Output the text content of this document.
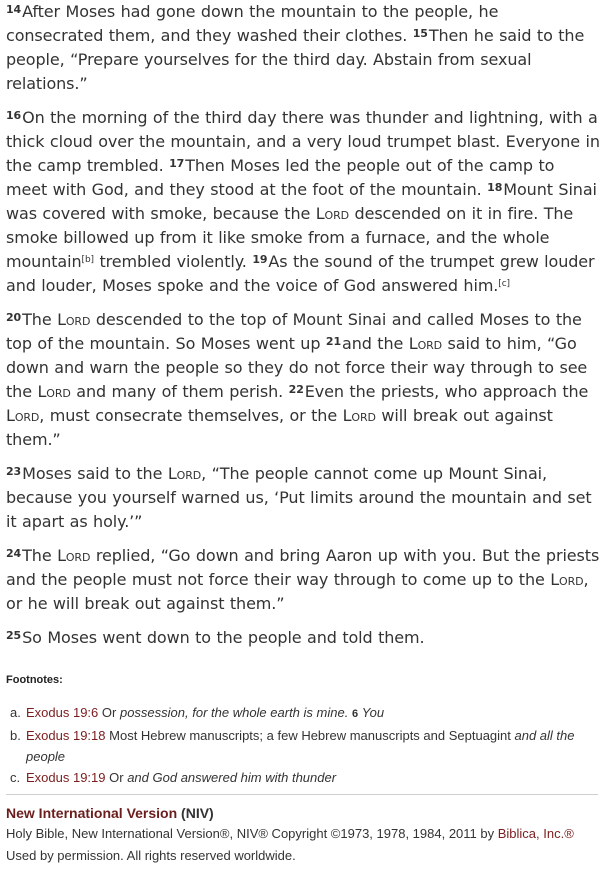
$^{14}$After Moses had gone down the mountain to the people, he consecrated them, and they washed their clothes. $^{15}$Then he said to the people, “Prepare yourselves for the third day. Abstain from sexual relations.”

$^{16}$On the morning of the third day there was thunder and lightning, with a thick cloud over the mountain, and a very loud trumpet blast. Everyone in the camp trembled. $^{17}$Then Moses led the people out of the camp to meet with God, and they stood at the foot of the mountain. $^{18}$Mount Sinai was covered with smoke, because the Lord descended on it in fire. The smoke billowed up from it like smoke from a furnace, and the whole mountain[b] trembled violently. $^{19}$As the sound of the trumpet grew louder and louder, Moses spoke and the voice of God answered him.[c]

$^{20}$The Lord descended to the top of Mount Sinai and called Moses to the top of the mountain. So Moses went up $^{21}$and the Lord said to him, “Go down and warn the people so they do not force their way through to see the Lord and many of them perish. $^{22}$Even the priests, who approach the Lord, must consecrate themselves, or the Lord will break out against them.”

$^{23}$Moses said to the Lord, “The people cannot come up Mount Sinai, because you yourself warned us, ‘Put limits around the mountain and set it apart as holy.’”

$^{24}$The Lord replied, “Go down and bring Aaron up with you. But the priests and the people must not force their way through to come up to the Lord, or he will break out against them.”

$^{25}$So Moses went down to the people and told them.

Footnotes:
a. Exodus 19:6 Or possession, for the whole earth is mine. 6 You
b. Exodus 19:18 Most Hebrew manuscripts; a few Hebrew manuscripts and Septuagint and all the people
c. Exodus 19:19 Or and God answered him with thunder
New International Version (NIV)

Holy Bible, New International Version®, NIV® Copyright ©1973, 1978, 1984, 2011 by Biblica, Inc.® Used by permission. All rights reserved worldwide.
